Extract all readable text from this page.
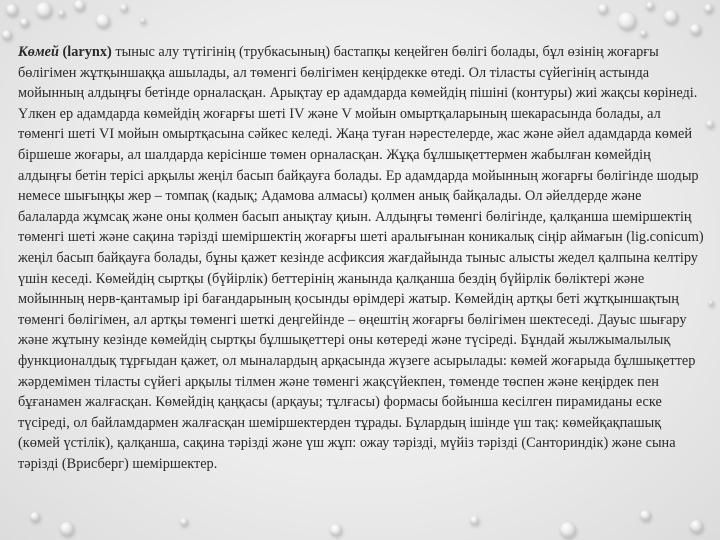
Көмей (larynx) тыныс алу түтігінің (трубкасының) бастапқы кеңейген бөлігі болады, бұл өзінің жоғарғы бөлігімен жұтқыншаққа ашылады, ал төменгі бөлігімен кеңірдекке өтеді. Ол тіласты сүйегінің астында мойынның алдыңғы бетінде орналасқан. Арықтау ер адамдарда көмейдің пішіні (контуры) жиі жақсы көрінеді. Үлкен ер адамдарда көмейдің жоғарғы шеті IV және V мойын омыртқаларының шекарасында болады, ал төменгі шеті VI мойын омыртқасына сәйкес келеді. Жаңа туған нәрестелерде, жас және әйел адамдарда көмей біршеше жоғары, ал шалдарда керісінше төмен орналасқан. Жұқа бұлшықеттермен жабылған көмейдің алдыңғы бетін терісі арқылы жеңіл басып байқауға болады. Ер адамдарда мойынның жоғарғы бөлігінде шодыр немесе шығыңқы жер – томпақ (кадық; Адамова алмасы) қолмен анық байқалады. Ол әйелдерде және балаларда жұмсақ және оны қолмен басып анықтау қиын. Алдыңғы төменгі бөлігінде, қалқанша шеміршектің төменгі шеті және сақина тәрізді шеміршектің жоғарғы шеті аралығынан коникалық сіңір аймағын (lig.conicum) жеңіл басып байқауға болады, бұны қажет кезінде асфиксия жағдайында тыныс алысты жедел қалпына келтіру үшін кеседі. Көмейдің сыртқы (бүйірлік) беттерінің жанында қалқанша бездің бүйірлік бөліктері және мойынның нерв-қантамыр ірі бағандарының қосынды өрімдері жатыр. Көмейдің артқы беті жұтқыншақтың төменгі бөлігімен, ал артқы төменгі шеткі деңгейінде – өңештің жоғарғы бөлігімен шектеседі. Дауыс шығару және жұтыну кезінде көмейдің сыртқы бұлшықеттері оны көтереді және түсіреді. Бұндай жылжымалылық функционалдық тұрғыдан қажет, ол мыналардың арқасында жүзеге асырылады: көмей жоғарыда бұлшықеттер жәрдемімен тіласты сүйегі арқылы тілмен және төменгі жақсүйекпен, төменде төспен және кеңірдек пен бұғанамен жалғасқан. Көмейдің қаңқасы (арқауы; тұлғасы) формасы бойынша кесілген пирамиданы еске түсіреді, ол байламдармен жалғасқан шеміршектерден тұрады. Бұлардың ішінде үш тақ: көмейқақпашық (көмей үстілік), қалқанша, сақина тәрізді және үш жұп: ожау тәрізді, мүйіз тәрізді (Санториндік) және сына тәрізді (Врисберг) шеміршектер.
